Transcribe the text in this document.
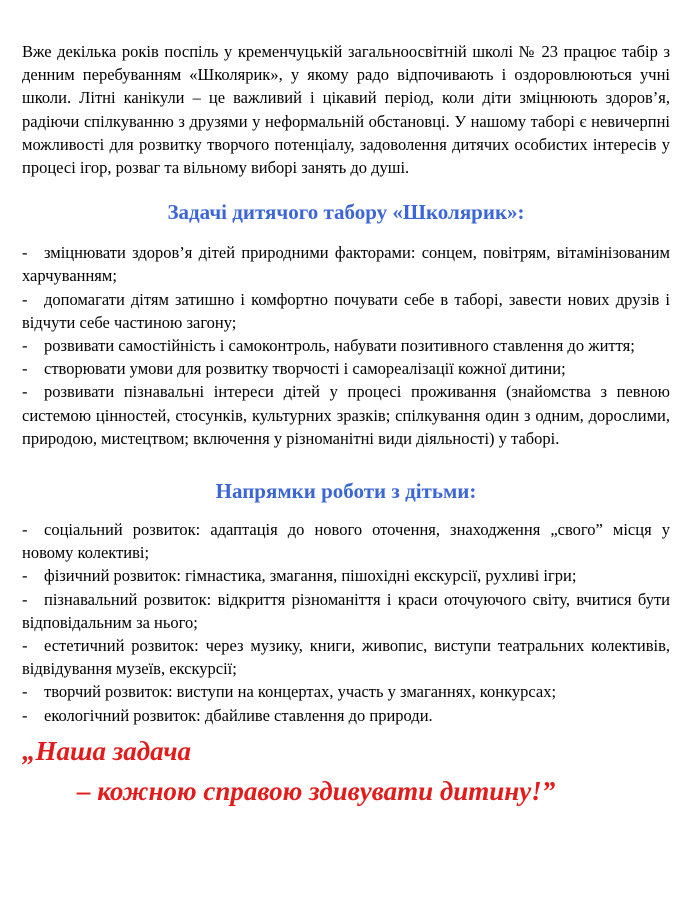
Вже декілька років поспіль у кременчуцькій загальноосвітній школі № 23 працює табір з денним перебуванням «Школярик», у якому радо відпочивають і оздоровлюються учні школи. Літні канікули – це важливий і цікавий період, коли діти зміцнюють здоров’я, радіючи спілкуванню з друзями у неформальній обстановці. У нашому таборі є невичерпні можливості для розвитку творчого потенціалу, задоволення дитячих особистих інтересів у процесі ігор, розваг та вільному виборі занять до душі.

Задачі дитячого табору «Школярик»:
- зміцнювати здоров’я дітей природними факторами: сонцем, повітрям, вітамінізованим харчуванням;
- допомагати дітям затишно і комфортно почувати себе в таборі, завести нових друзів і відчути себе частиною загону;
- розвивати самостійність і самоконтроль, набувати позитивного ставлення до життя;
- створювати умови для розвитку творчості і самореалізації кожної дитини;
- розвивати пізнавальні інтереси дітей у процесі проживання (знайомства з певною системою цінностей, стосунків, культурних зразків; спілкування один з одним, дорослими, природою, мистецтвом; включення у різноманітні види діяльності) у таборі.
Напрямки роботи з дітьми:
- соціальний розвиток: адаптація до нового оточення, знаходження „свого” місця у новому колективі;
- фізичний розвиток: гімнастика, змагання, пішохідні екскурсії, рухливі ігри;
- пізнавальний розвиток: відкриття різноманіття і краси оточуючого світу, вчитися бути відповідальним за нього;
- естетичний розвиток: через музику, книги, живопис, виступи театральних колективів, відвідування музеїв, екскурсії;
- творчий розвиток: виступи на концертах, участь у змаганнях, конкурсах;
- екологічний розвиток: дбайливе ставлення до природи.
„Наша задача
– кожною справою здивувати дитину!”
